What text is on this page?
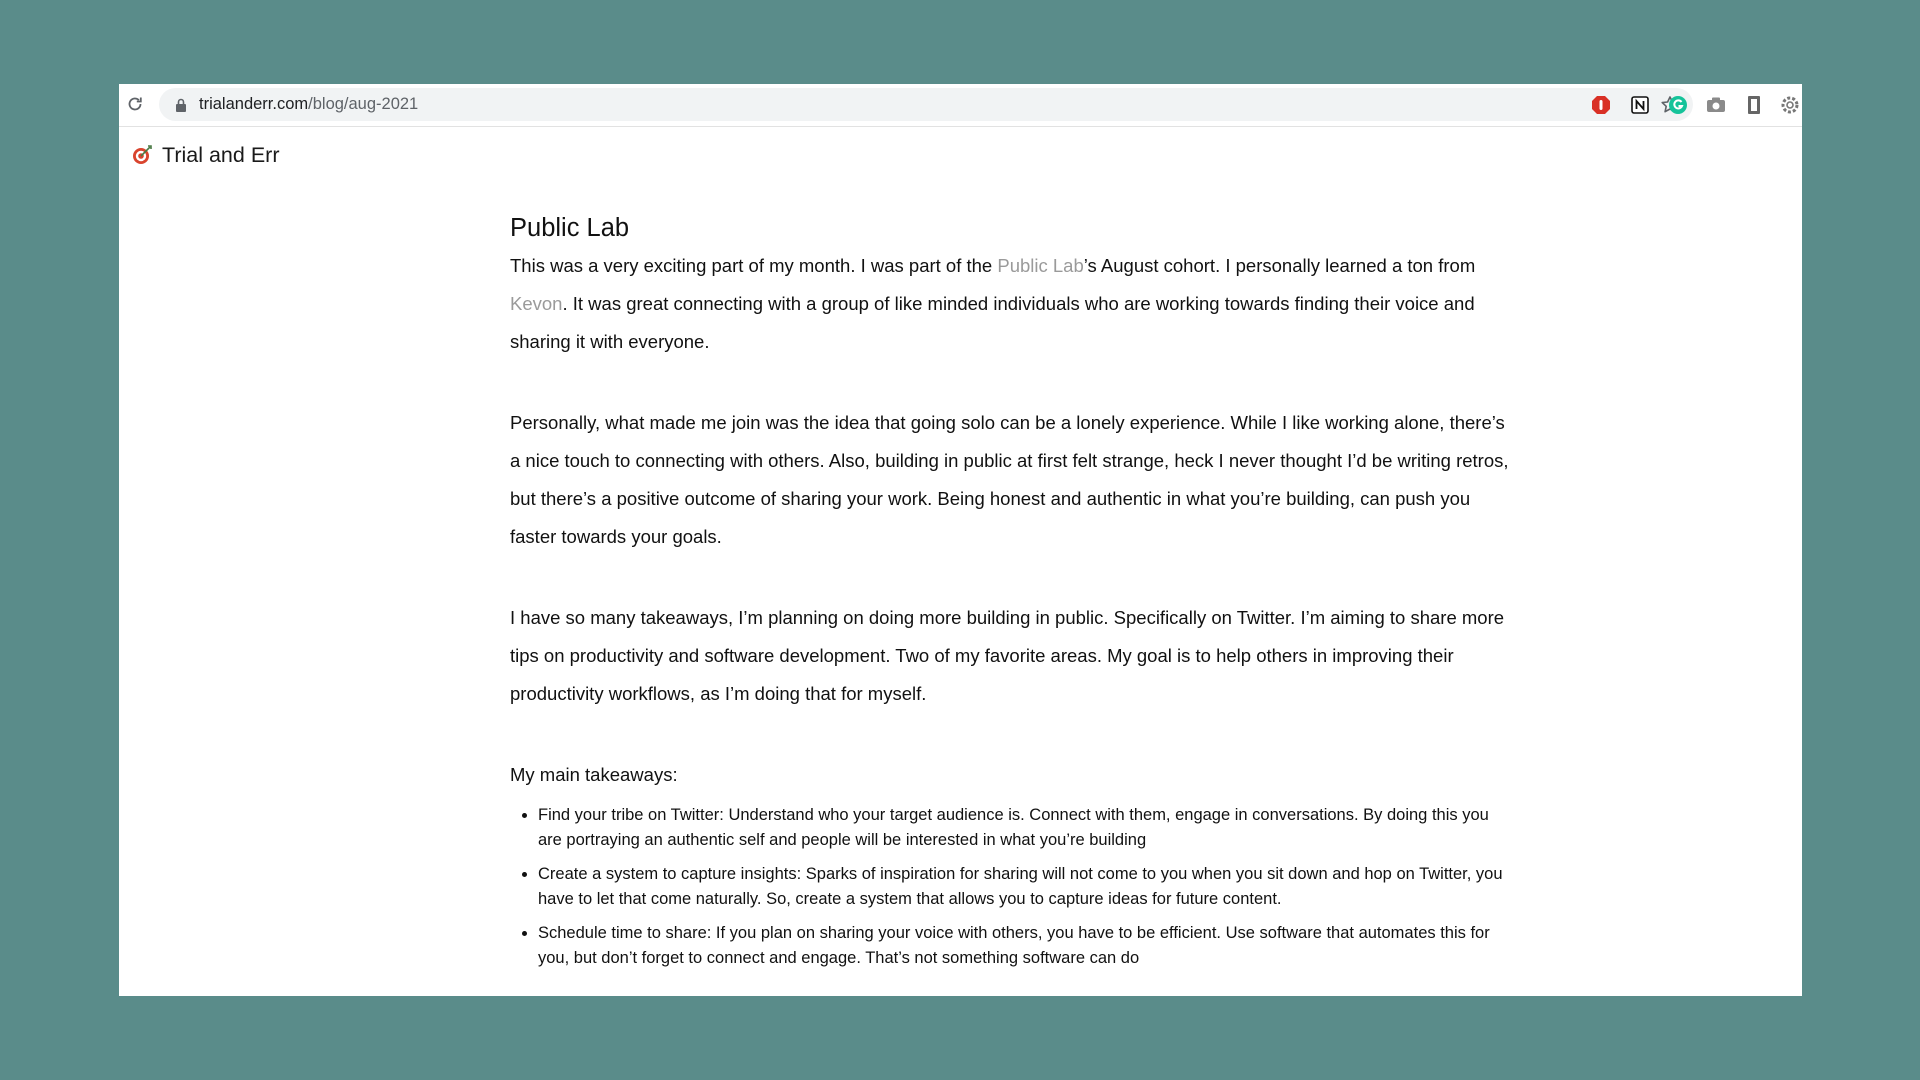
trialanderr.com/blog/aug-2021
Trial and Err
Public Lab

This was a very exciting part of my month. I was part of the Public Lab’s August cohort. I personally learned a ton from Kevon. It was great connecting with a group of like minded individuals who are working towards finding their voice and sharing it with everyone.

Personally, what made me join was the idea that going solo can be a lonely experience. While I like working alone, there’s a nice touch to connecting with others. Also, building in public at first felt strange, heck I never thought I’d be writing retros, but there’s a positive outcome of sharing your work. Being honest and authentic in what you’re building, can push you faster towards your goals.

I have so many takeaways, I’m planning on doing more building in public. Specifically on Twitter. I’m aiming to share more tips on productivity and software development. Two of my favorite areas. My goal is to help others in improving their productivity workflows, as I’m doing that for myself.

My main takeaways:

• Find your tribe on Twitter: Understand who your target audience is. Connect with them, engage in conversations. By doing this you are portraying an authentic self and people will be interested in what you’re building
• Create a system to capture insights: Sparks of inspiration for sharing will not come to you when you sit down and hop on Twitter, you have to let that come naturally. So, create a system that allows you to capture ideas for future content.
• Schedule time to share: If you plan on sharing your voice with others, you have to be efficient. Use software that automates this for you, but don’t forget to connect and engage. That’s not something software can do
